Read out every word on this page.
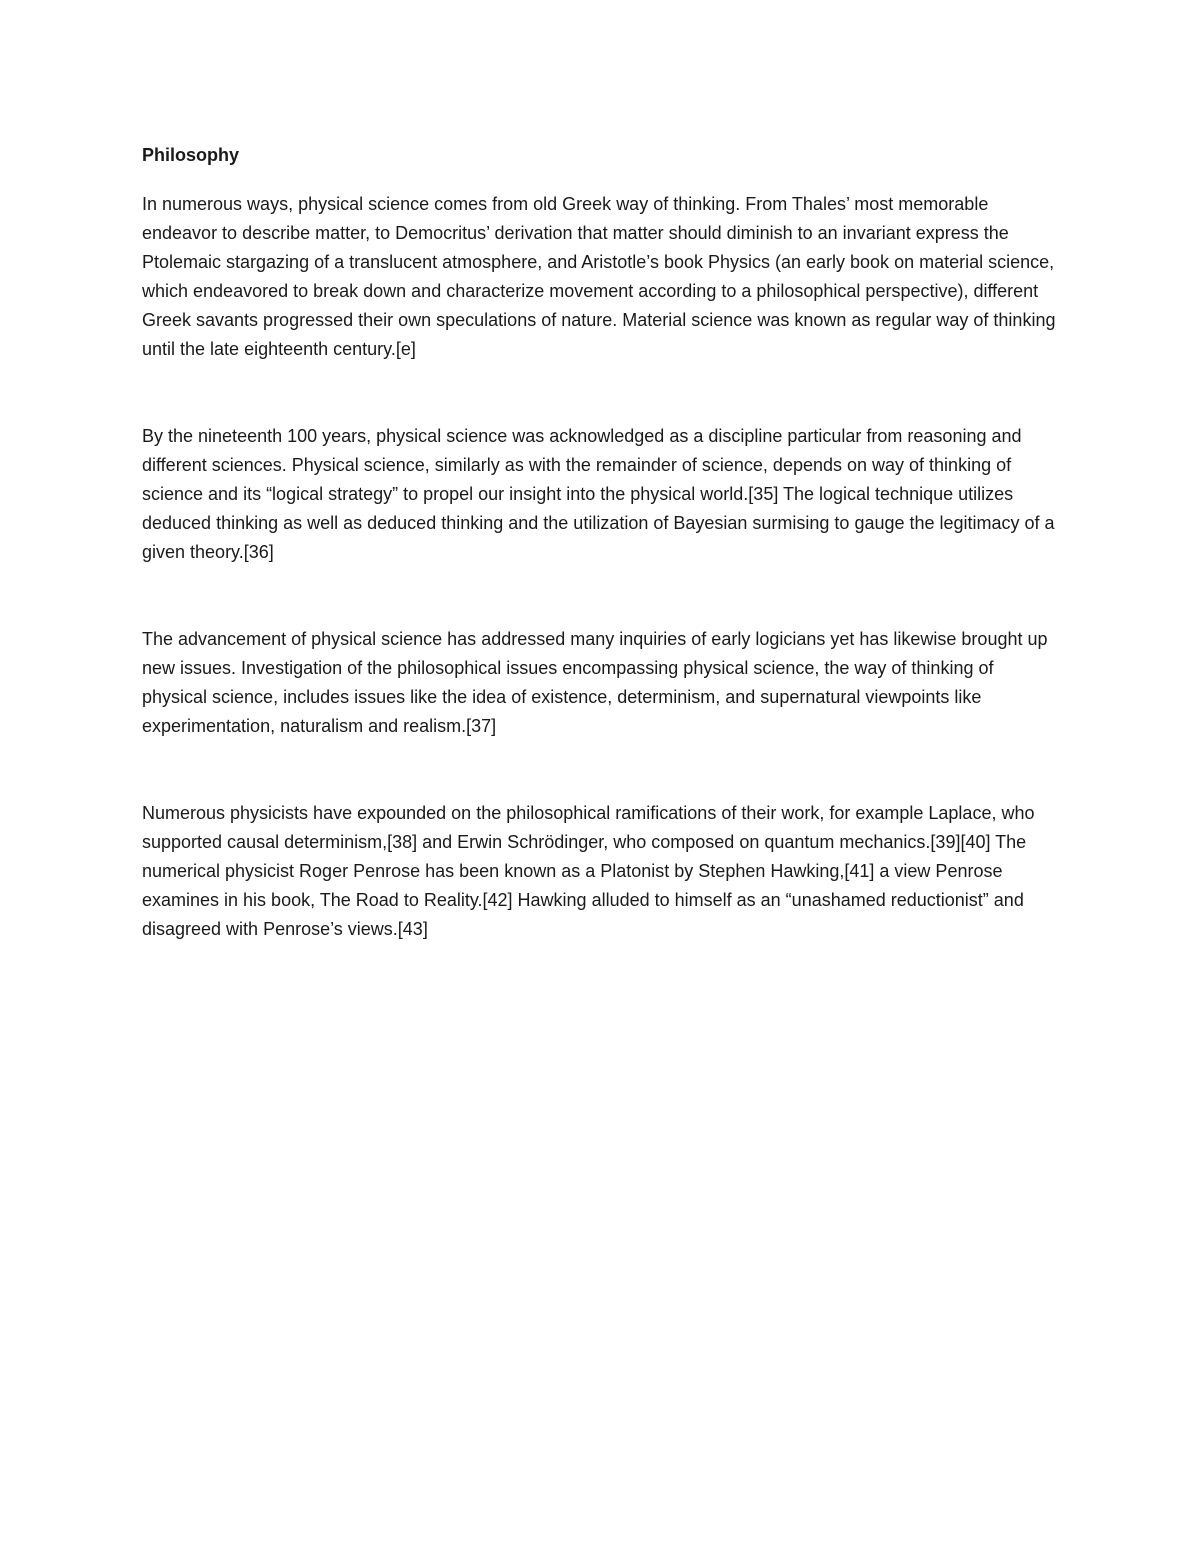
Philosophy

In numerous ways, physical science comes from old Greek way of thinking. From Thales’ most memorable endeavor to describe matter, to Democritus’ derivation that matter should diminish to an invariant express the Ptolemaic stargazing of a translucent atmosphere, and Aristotle’s book Physics (an early book on material science, which endeavored to break down and characterize movement according to a philosophical perspective), different Greek savants progressed their own speculations of nature. Material science was known as regular way of thinking until the late eighteenth century.[e]

By the nineteenth 100 years, physical science was acknowledged as a discipline particular from reasoning and different sciences. Physical science, similarly as with the remainder of science, depends on way of thinking of science and its “logical strategy” to propel our insight into the physical world.[35] The logical technique utilizes deduced thinking as well as deduced thinking and the utilization of Bayesian surmising to gauge the legitimacy of a given theory.[36]

The advancement of physical science has addressed many inquiries of early logicians yet has likewise brought up new issues. Investigation of the philosophical issues encompassing physical science, the way of thinking of physical science, includes issues like the idea of existence, determinism, and supernatural viewpoints like experimentation, naturalism and realism.[37]

Numerous physicists have expounded on the philosophical ramifications of their work, for example Laplace, who supported causal determinism,[38] and Erwin Schrödinger, who composed on quantum mechanics.[39][40] The numerical physicist Roger Penrose has been known as a Platonist by Stephen Hawking,[41] a view Penrose examines in his book, The Road to Reality.[42] Hawking alluded to himself as an “unashamed reductionist” and disagreed with Penrose’s views.[43]
